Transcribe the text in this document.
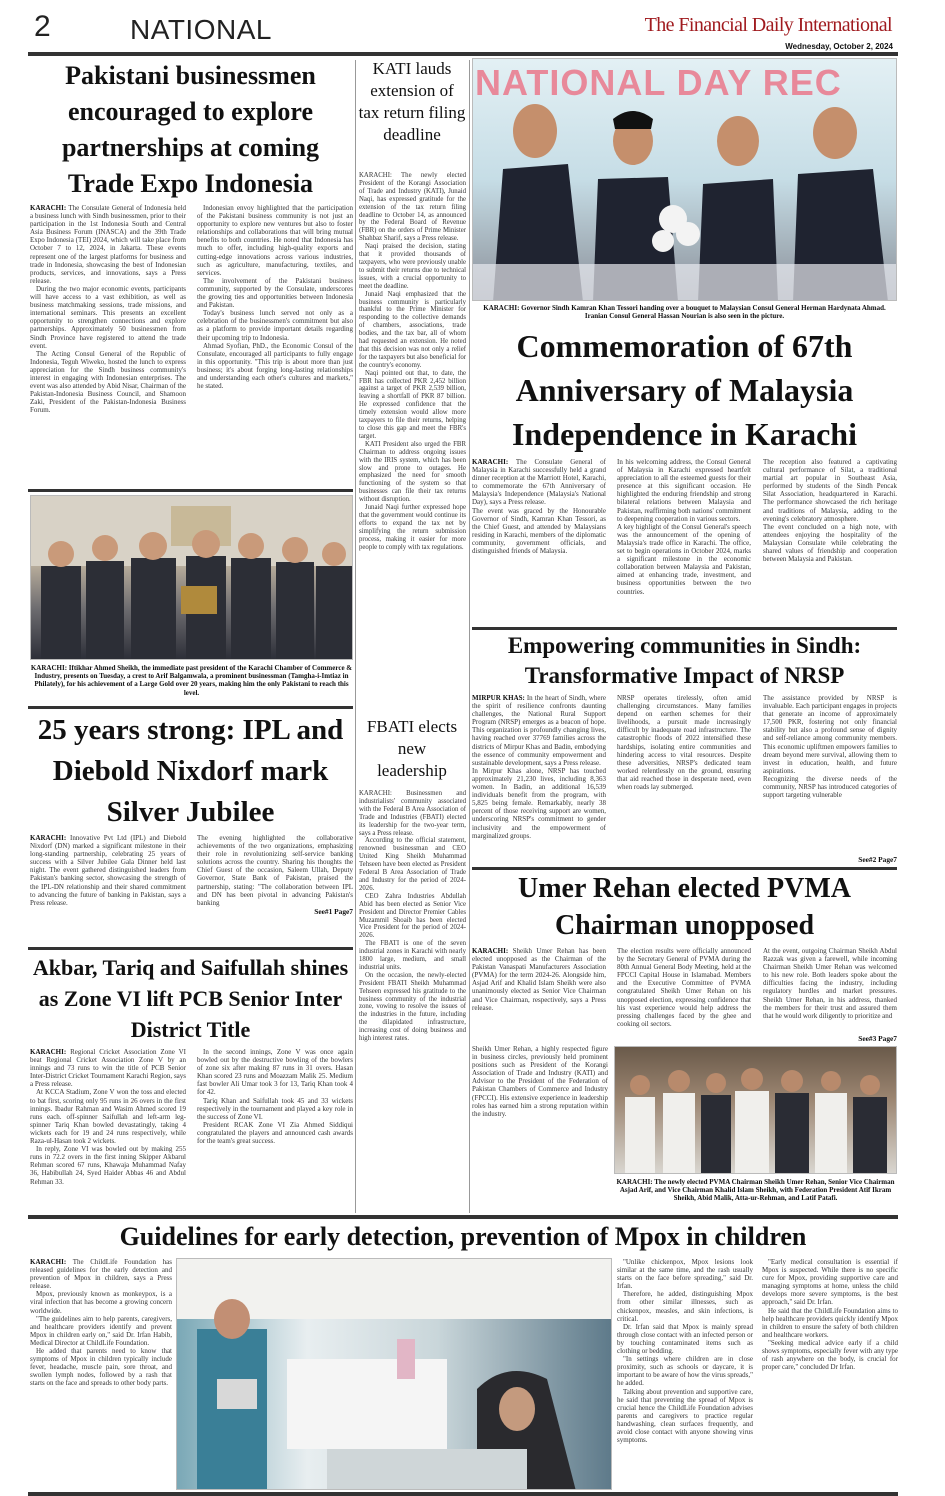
2	NATIONAL	The Financial Daily International
Wednesday, October 2, 2024
Pakistani businessmen encouraged to explore partnerships at coming Trade Expo Indonesia

KARACHI: The Consulate General of Indonesia held a business lunch with Sindh businessmen, prior to their participation in the 1st Indonesia South and Central Asia Business Forum (INASCA) and the 39th Trade Expo Indonesia (TEI) 2024, which will take place from October 7 to 12, 2024, in Jakarta. These events represent one of the largest platforms for business and trade in Indonesia, showcasing the best of Indonesian products, services, and innovations, says a Press release.

During the two major economic events, participants will have access to a vast exhibition, as well as business matchmaking sessions, trade missions, and international seminars. This presents an excellent opportunity to strengthen connections and explore partnerships. Approximately 50 businessmen from Sindh Province have registered to attend the trade event.

The Acting Consul General of the Republic of Indonesia, Teguh Wiweko, hosted the lunch to express appreciation for the Sindh business community's interest in engaging with Indonesian enterprises. The event was also attended by Abid Nisar, Chairman of the Pakistan-Indonesia Business Council, and Shamoon Zaki, President of the Pakistan-Indonesia Business Forum.

Indonesian envoy highlighted that the participation of the Pakistani business community is not just an opportunity to explore new ventures but also to foster relationships and collaborations that will bring mutual benefits to both countries. He noted that Indonesia has much to offer, including high-quality exports and cutting-edge innovations across various industries, such as agriculture, manufacturing, textiles, and services.

The involvement of the Pakistani business community, supported by the Consulate, underscores the growing ties and opportunities between Indonesia and Pakistan.

Today's business lunch served not only as a celebration of the businessmen's commitment but also as a platform to provide important details regarding their upcoming trip to Indonesia.

Ahmad Syofian, PhD., the Economic Consul of the Consulate, encouraged all participants to fully engage in this opportunity. "This trip is about more than just business; it's about forging long-lasting relationships and understanding each other's cultures and markets," he stated.

KARACHI: Iftikhar Ahmed Sheikh, the immediate past president of the Karachi Chamber of Commerce & Industry, presents on Tuesday, a crest to Arif Balgamwala, a prominent businessman (Tamgha-i-Imtiaz in Philately), for his achievement of a Large Gold over 20 years, making him the only Pakistani to reach this level.
25 years strong: IPL and Diebold Nixdorf mark Silver Jubilee

KARACHI: Innovative Pvt Ltd (IPL) and Diebold Nixdorf (DN) marked a significant milestone in their long-standing partnership, celebrating 25 years of success with a Silver Jubilee Gala Dinner held last night. The event gathered distinguished leaders from Pakistan's banking sector, showcasing the strength of the IPL-DN relationship and their shared commitment to advancing the future of banking in Pakistan, says a Press release.

The evening highlighted the collaborative achievements of the two organizations, emphasizing their role in revolutionizing self-service banking solutions across the country. Sharing his thoughts the Chief Guest of the occasion, Saleem Ullah, Deputy Governor, State Bank of Pakistan, praised the partnership, stating: "The collaboration between IPL and DN has been pivotal in advancing Pakistan's banking

See#1 Page7
Akbar, Tariq and Saifullah shines as Zone VI lift PCB Senior Inter District Title

KARACHI: Regional Cricket Association Zone VI beat Regional Cricket Association Zone V by an innings and 73 runs to win the title of PCB Senior Inter-District Cricket Tournament Karachi Region, says a Press release.

At KCCA Stadium, Zone V won the toss and elected to bat first, scoring only 95 runs in 26 overs in the first innings. Ibadur Rahman and Wasim Ahmed scored 19 runs each. off-spinner Saifullah and left-arm leg-spinner Tariq Khan bowled devastatingly, taking 4 wickets each for 19 and 24 runs respectively, while Raza-ul-Hasan took 2 wickets.

In reply, Zone VI was bowled out by making 255 runs in 72.2 overs in the first inning Skipper Akbarul Rehman scored 67 runs, Khawaja Muhammad Nafay 36, Habibullah 24, Syed Haider Abbas 46 and Abdul Rehman 33.

In the second innings, Zone V was once again bowled out by the destructive bowling of the bowlers of zone six after making 87 runs in 31 overs. Hasan Khan scored 23 runs and Moazzam Malik 25. Medium fast bowler Ali Umar took 3 for 13, Tariq Khan took 4 for 42.

Tariq Khan and Saifullah took 45 and 33 wickets respectively in the tournament and played a key role in the success of Zone VI.

President RCAK Zone VI Zia Ahmed Siddiqui congratulated the players and announced cash awards for the team's great success.

KATI lauds extension of tax return filing deadline

KARACHI: The newly elected President of the Korangi Association of Trade and Industry (KATI), Junaid Naqi, has expressed gratitude for the extension of the tax return filing deadline to October 14, as announced by the Federal Board of Revenue (FBR) on the orders of Prime Minister Shahbaz Sharif, says a Press release.

Naqi praised the decision, stating that it provided thousands of taxpayers, who were previously unable to submit their returns due to technical issues, with a crucial opportunity to meet the deadline.

Junaid Naqi emphasized that the business community is particularly thankful to the Prime Minister for responding to the collective demands of chambers, associations, trade bodies, and the tax bar, all of whom had requested an extension. He noted that this decision was not only a relief for the taxpayers but also beneficial for the country's economy.

Naqi pointed out that, to date, the FBR has collected PKR 2,452 billion against a target of PKR 2,539 billion, leaving a shortfall of PKR 87 billion. He expressed confidence that the timely extension would allow more taxpayers to file their returns, helping to close this gap and meet the FBR's target.

KATI President also urged the FBR Chairman to address ongoing issues with the IRIS system, which has been slow and prone to outages. He emphasized the need for smooth functioning of the system so that businesses can file their tax returns without disruption.

Junaid Naqi further expressed hope that the government would continue its efforts to expand the tax net by simplifying the return submission process, making it easier for more people to comply with tax regulations.

FBATI elects new leadership

KARACHI: Businessmen and industrialists' community associated with the Federal B Area Association of Trade and Industries (FBATI) elected its leadership for the two-year term, says a Press release.

According to the official statement, renowned businessman and CEO United King Sheikh Muhammad Tehseen have been elected as President Federal B Area Association of Trade and Industry for the period of 2024-2026.

CEO Zahra Industries Abdullah Abid has been elected as Senior Vice President and Director Premier Cables Muzammil Shoaib has been elected Vice President for the period of 2024-2026.

The FBATI is one of the seven industrial zones in Karachi with nearly 1800 large, medium, and small industrial units.

On the occasion, the newly-elected President FBATI Sheikh Muhammad Tehseen expressed his gratitude to the business community of the industrial zone, vowing to resolve the issues of the industries in the future, including the dilapidated infrastructure, increasing cost of doing business and high interest rates.

NATIONAL DAY REC
KARACHI: Governor Sindh Kamran Khan Tessori handing over a bouquet to Malaysian Consul General Herman Hardynata Ahmad. Iranian Consul General Hassan Nourian is also seen in the picture.
Commemoration of 67th Anniversary of Malaysia Independence in Karachi

KARACHI: The Consulate General of Malaysia in Karachi successfully held a grand dinner reception at the Marriott Hotel, Karachi, to commemorate the 67th Anniversary of Malaysia's Independence (Malaysia's National Day), says a Press release.

The event was graced by the Honourable Governor of Sindh, Kamran Khan Tessori, as the Chief Guest, and attended by Malaysians residing in Karachi, members of the diplomatic community, government officials, and distinguished friends of Malaysia.

In his welcoming address, the Consul General of Malaysia in Karachi expressed heartfelt appreciation to all the esteemed guests for their presence at this significant occasion. He highlighted the enduring friendship and strong bilateral relations between Malaysia and Pakistan, reaffirming both nations' commitment to deepening cooperation in various sectors.

A key highlight of the Consul General's speech was the announcement of the opening of Malaysia's trade office in Karachi. The office, set to begin operations in October 2024, marks a significant milestone in the economic collaboration between Malaysia and Pakistan, aimed at enhancing trade, investment, and business opportunities between the two countries.

The reception also featured a captivating cultural performance of Silat, a traditional martial art popular in Southeast Asia, performed by students of the Sindh Pencak Silat Association, headquartered in Karachi. The performance showcased the rich heritage and traditions of Malaysia, adding to the evening's celebratory atmosphere.

The event concluded on a high note, with attendees enjoying the hospitality of the Malaysian Consulate while celebrating the shared values of friendship and cooperation between Malaysia and Pakistan.

Empowering communities in Sindh: Transformative Impact of NRSP

MIRPUR KHAS: In the heart of Sindh, where the spirit of resilience confronts daunting challenges, the National Rural Support Program (NRSP) emerges as a beacon of hope. This organization is profoundly changing lives, having reached over 37769 families across the districts of Mirpur Khas and Badin, embodying the essence of community empowerment and sustainable development, says a Press release.

In Mirpur Khas alone, NRSP has touched approximately 21,230 lives, including 8,363 women. In Badin, an additional 16,539 individuals benefit from the program, with 5,825 being female. Remarkably, nearly 38 percent of those receiving support are women, underscoring NRSP's commitment to gender inclusivity and the empowerment of marginalized groups.

NRSP operates tirelessly, often amid challenging circumstances. Many families depend on earthen schemes for their livelihoods, a pursuit made increasingly difficult by inadequate road infrastructure. The catastrophic floods of 2022 intensified these hardships, isolating entire communities and hindering access to vital resources. Despite these adversities, NRSP's dedicated team worked relentlessly on the ground, ensuring that aid reached those in desperate need, even when roads lay submerged.

The assistance provided by NRSP is invaluable. Each participant engages in projects that generate an income of approximately 17,500 PKR, fostering not only financial stability but also a profound sense of dignity and self-reliance among community members. This economic upliftmen empowers families to dream beyond mere survival, allowing them to invest in education, health, and future aspirations.

Recognizing the diverse needs of the community, NRSP has introduced categories of support targeting vulnerable

See#2 Page7
Umer Rehan elected PVMA Chairman unopposed

KARACHI: Sheikh Umer Rehan has been elected unopposed as the Chairman of the Pakistan Vanaspati Manufacturers Association (PVMA) for the term 2024-26. Alongside him, Asjad Arif and Khalid Islam Sheikh were also unanimously elected as Senior Vice Chairman and Vice Chairman, respectively, says a Press release.

The election results were officially announced by the Secretary General of PVMA during the 80th Annual General Body Meeting, held at the FPCCI Capital House in Islamabad. Members and the Executive Committee of PVMA congratulated Sheikh Umer Rehan on his unopposed election, expressing confidence that his vast experience would help address the pressing challenges faced by the ghee and cooking oil sectors.

At the event, outgoing Chairman Sheikh Abdul Razzak was given a farewell, while incoming Chairman Sheikh Umer Rehan was welcomed to his new role. Both leaders spoke about the difficulties facing the industry, including regulatory hurdles and market pressures. Sheikh Umer Rehan, in his address, thanked the members for their trust and assured them that he would work diligently to prioritize and

See#3 Page7

Sheikh Umer Rehan, a highly respected figure in business circles, previously held prominent positions such as President of the Korangi Association of Trade and Industry (KATI) and Advisor to the President of the Federation of Pakistan Chambers of Commerce and Industry (FPCCI). His extensive experience in leadership roles has earned him a strong reputation within the industry.

KARACHI: The newly elected PVMA Chairman Sheikh Umer Rehan, Senior Vice Chairman Asjad Arif, and Vice Chairman Khalid Islam Sheikh, with Federation President Atif Ikram Sheikh, Abid Malik, Atta-ur-Rehman, and Latif Patafi.
Guidelines for early detection, prevention of Mpox in children

KARACHI: The ChildLife Foundation has released guidelines for the early detection and prevention of Mpox in children, says a Press release.

Mpox, previously known as monkeypox, is a viral infection that has become a growing concern worldwide.

"The guidelines aim to help parents, caregivers, and healthcare providers identify and prevent Mpox in children early on," said Dr. Irfan Habib, Medical Director at ChildLife Foundation.

He added that parents need to know that symptoms of Mpox in children typically include fever, headache, muscle pain, sore throat, and swollen lymph nodes, followed by a rash that starts on the face and spreads to other body parts.

"Unlike chickenpox, Mpox lesions look similar at the same time, and the rash usually starts on the face before spreading," said Dr. Irfan.

Therefore, he added, distinguishing Mpox from other similar illnesses, such as chickenpox, measles, and skin infections, is critical.

Dr. Irfan said that Mpox is mainly spread through close contact with an infected person or by touching contaminated items such as clothing or bedding.

"In settings where children are in close proximity, such as schools or daycare, it is important to be aware of how the virus spreads," he added.

Talking about prevention and supportive care, he said that preventing the spread of Mpox is crucial hence the ChildLife Foundation advises parents and caregivers to practice regular handwashing, clean surfaces frequently, and avoid close contact with anyone showing virus symptoms.

"Early medical consultation is essential if Mpox is suspected. While there is no specific cure for Mpox, providing supportive care and managing symptoms at home, unless the child develops more severe symptoms, is the best approach," said Dr. Irfan.

He said that the ChildLife Foundation aims to help healthcare providers quickly identify Mpox in children to ensure the safety of both children and healthcare workers.

"Seeking medical advice early if a child shows symptoms, especially fever with any type of rash anywhere on the body, is crucial for proper care," concluded Dr Irfan.
